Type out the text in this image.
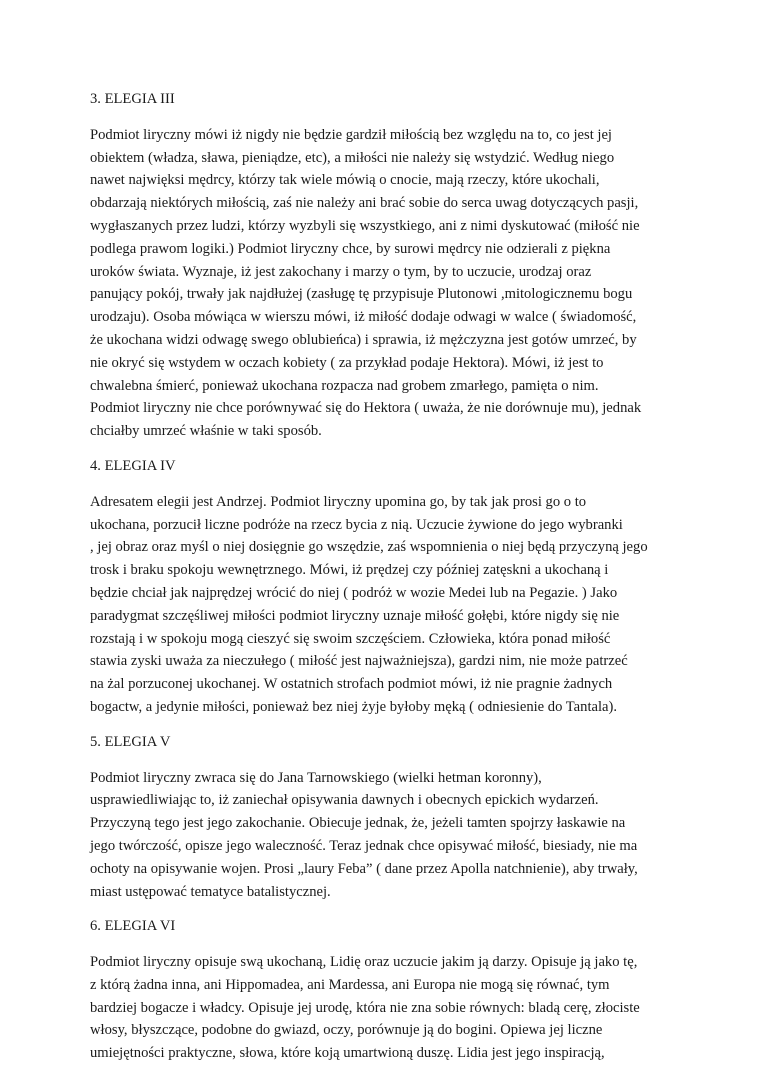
3. ELEGIA III
Podmiot liryczny mówi iż nigdy nie będzie gardził miłością bez względu na to, co jest jej
obiektem (władza, sława, pieniądze, etc), a miłości nie należy się wstydzić. Według niego
nawet najwięksi mędrcy, którzy tak wiele mówią o cnocie, mają rzeczy, które ukochali,
obdarzają niektórych miłością, zaś nie należy ani brać sobie do serca uwag dotyczących pasji,
wygłaszanych przez ludzi, którzy wyzbyli się wszystkiego, ani z nimi dyskutować (miłość nie
podlega prawom logiki.) Podmiot liryczny chce, by surowi mędrcy nie odzierali z piękna
uroków świata. Wyznaje, iż jest zakochany i marzy o tym, by to uczucie, urodzaj oraz
panujący pokój, trwały jak najdłużej (zasługę tę przypisuje Plutonowi ,mitologicznemu bogu
urodzaju). Osoba mówiąca w wierszu mówi, iż miłość dodaje odwagi w walce ( świadomość,
że ukochana widzi odwagę swego oblubieńca) i sprawia, iż mężczyzna jest gotów umrzeć, by
nie okryć się wstydem w oczach kobiety ( za przykład podaje Hektora). Mówi, iż jest to
chwalebna śmierć, ponieważ ukochana rozpacza nad grobem zmarłego, pamięta o nim.
Podmiot liryczny nie chce porównywać się do Hektora ( uważa, że nie dorównuje mu), jednak
chciałby umrzeć właśnie w taki sposób.
4. ELEGIA IV
Adresatem elegii jest Andrzej. Podmiot liryczny upomina go, by tak jak prosi go o to
ukochana, porzucił liczne podróże na rzecz bycia z nią. Uczucie żywione do jego wybranki
, jej obraz oraz myśl o niej dosięgnie go wszędzie, zaś wspomnienia o niej będą przyczyną jego
trosk i braku spokoju wewnętrznego. Mówi, iż prędzej czy później zatęskni a ukochaną i
będzie chciał jak najprędzej wrócić do niej ( podróż w wozie Medei lub na Pegazie. ) Jako
paradygmat szczęśliwej miłości podmiot liryczny uznaje miłość gołębi, które nigdy się nie
rozstają i w spokoju mogą cieszyć się swoim szczęściem. Człowieka, która ponad miłość
stawia zyski uważa za nieczułego ( miłość jest najważniejsza), gardzi nim, nie może patrzeć
na żal porzuconej ukochanej. W ostatnich strofach podmiot mówi, iż nie pragnie żadnych
bogactw, a jedynie miłości, ponieważ bez niej żyje byłoby męką ( odniesienie do Tantala).
5. ELEGIA V
Podmiot liryczny zwraca się do Jana Tarnowskiego (wielki hetman koronny),
usprawiedliwiając to, iż zaniechał opisywania dawnych i obecnych epickich wydarzeń.
Przyczyną tego jest jego zakochanie. Obiecuje jednak, że, jeżeli tamten spojrzy łaskawie na
jego twórczość, opisze jego waleczność. Teraz jednak chce opisywać miłość, biesiady, nie ma
ochoty na opisywanie wojen. Prosi „laury Feba” ( dane przez Apolla natchnienie), aby trwały,
miast ustępować tematyce batalistycznej.
6. ELEGIA VI
Podmiot liryczny opisuje swą ukochaną, Lidię oraz uczucie jakim ją darzy. Opisuje ją jako tę,
z którą żadna inna, ani Hippomadea, ani Mardessa, ani Europa nie mogą się równać, tym
bardziej bogacze i władcy. Opisuje jej urodę, która nie zna sobie równych: bladą cerę, złociste
włosy, błyszczące, podobne do gwiazd, oczy, porównuje ją do bogini. Opiewa jej liczne
umiejętności praktyczne, słowa, które koją umartwioną duszę. Lidia jest jego inspiracją,
